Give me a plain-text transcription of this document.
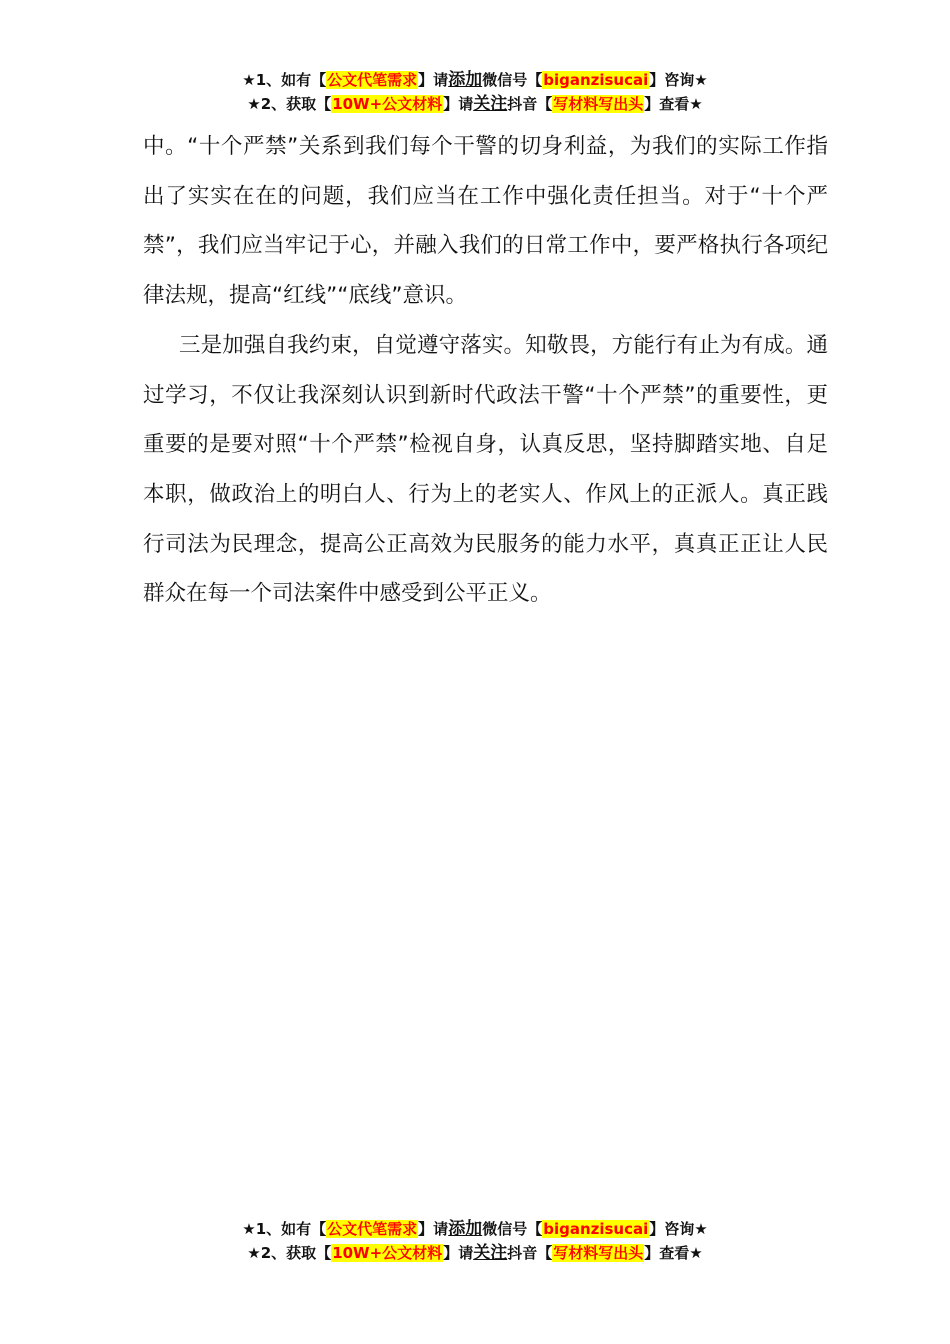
★1、如有【公文代笔需求】请添加微信号【biganzisucai】咨询★
★2、获取【10W+公文材料】请关注抖音【写材料写出头】查看★

中。“十个严禁”关系到我们每个干警的切身利益，为我们的实际工作指出了实实在在的问题，我们应当在工作中强化责任担当。对于“十个严禁”，我们应当牢记于心，并融入我们的日常工作中，要严格执行各项纪律法规，提高“红线”“底线”意识。

三是加强自我约束，自觉遵守落实。知敬畏，方能行有止为有成。通过学习，不仅让我深刻认识到新时代政法干警“十个严禁”的重要性，更重要的是要对照“十个严禁”检视自身，认真反思，坚持脚踏实地、自足本职，做政治上的明白人、行为上的老实人、作风上的正派人。真正践行司法为民理念，提高公正高效为民服务的能力水平，真真正正让人民群众在每一个司法案件中感受到公平正义。

★1、如有【公文代笔需求】请添加微信号【biganzisucai】咨询★
★2、获取【10W+公文材料】请关注抖音【写材料写出头】查看★
